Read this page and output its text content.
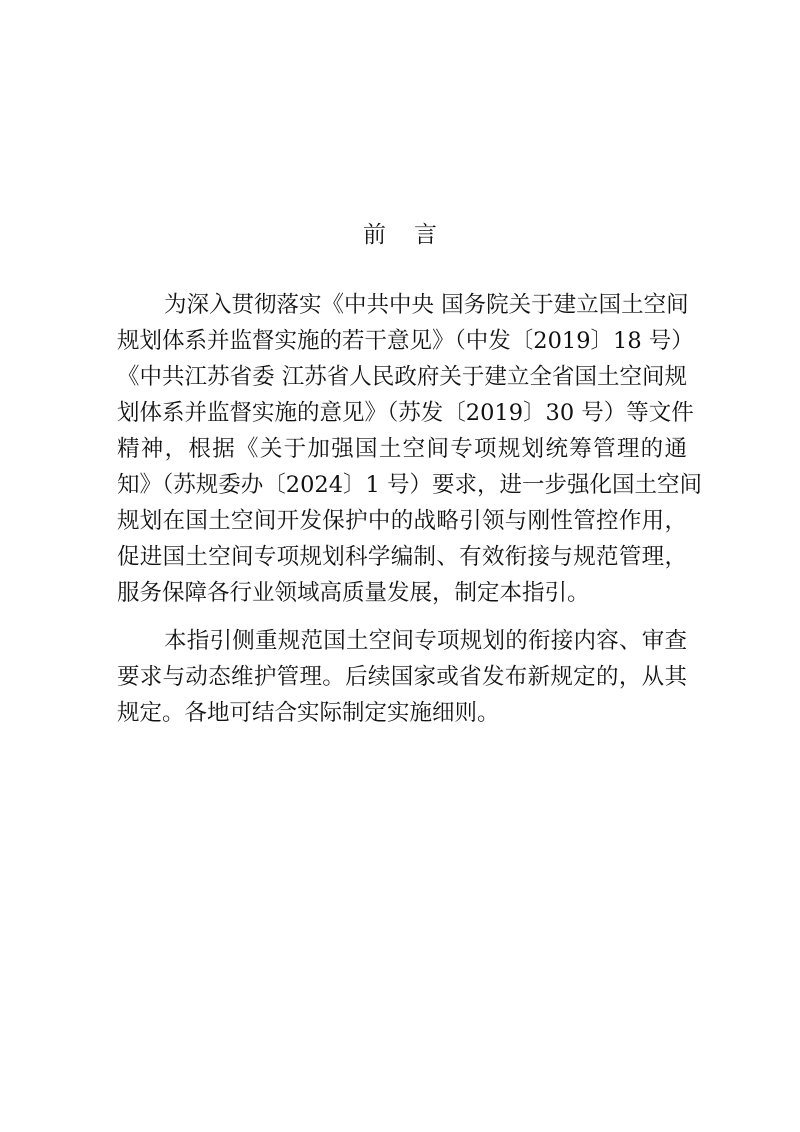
前 言
为深入贯彻落实《中共中央 国务院关于建立国土空间
规划体系并监督实施的若干意见》（中发〔2019〕18 号）
《中共江苏省委 江苏省人民政府关于建立全省国土空间规
划体系并监督实施的意见》（苏发〔2019〕30 号）等文件
精神，根据《关于加强国土空间专项规划统筹管理的通
知》（苏规委办〔2024〕1 号）要求，进一步强化国土空间
规划在国土空间开发保护中的战略引领与刚性管控作用，
促进国土空间专项规划科学编制、有效衔接与规范管理，
服务保障各行业领域高质量发展，制定本指引。
本指引侧重规范国土空间专项规划的衔接内容、审查
要求与动态维护管理。后续国家或省发布新规定的，从其
规定。各地可结合实际制定实施细则。
